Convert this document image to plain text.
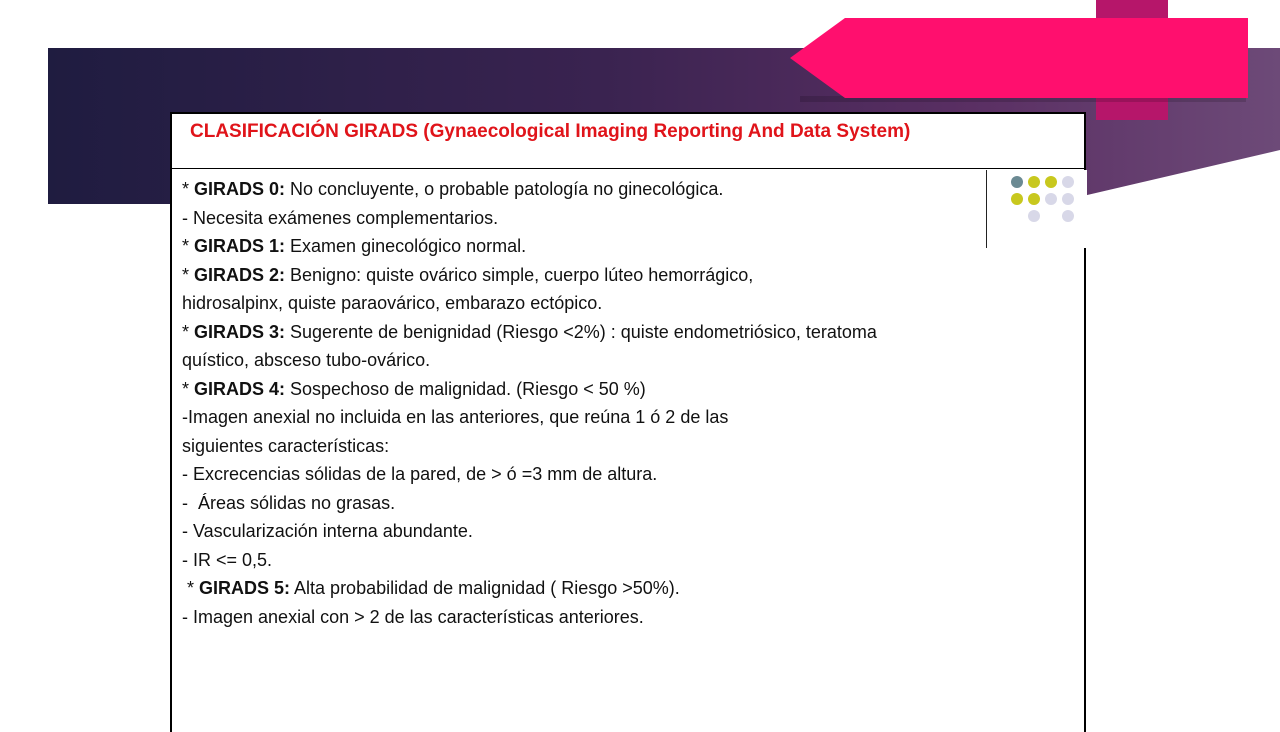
CLASIFICACIÓN GIRADS (Gynaecological Imaging Reporting And Data System)
* GIRADS 0: No concluyente, o probable patología no ginecológica.
- Necesita exámenes complementarios.
* GIRADS 1: Examen ginecológico normal.
* GIRADS 2: Benigno: quiste ovárico simple, cuerpo lúteo hemorrágico,
hidrosalpinx, quiste paraovárico, embarazo ectópico.
* GIRADS 3: Sugerente de benignidad (Riesgo <2%) : quiste endometriósico, teratoma
quístico, absceso tubo-ovárico.
* GIRADS 4: Sospechoso de malignidad. (Riesgo < 50 %)
-Imagen anexial no incluida en las anteriores, que reúna 1 ó 2 de las
siguientes características:
- Excrecencias sólidas de la pared, de > ó =3 mm de altura.
-  Áreas sólidas no grasas.
- Vascularización interna abundante.
- IR <= 0,5.
* GIRADS 5: Alta probabilidad de malignidad ( Riesgo >50%).
- Imagen anexial con > 2 de las características anteriores.
